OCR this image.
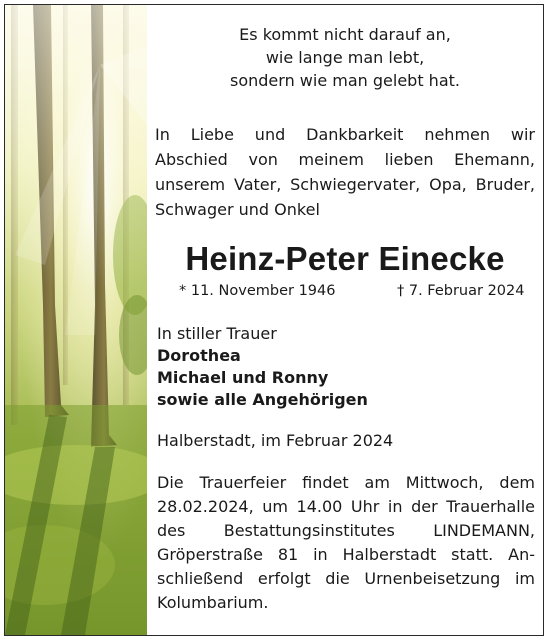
Es kommt nicht darauf an,
wie lange man lebt,
sondern wie man gelebt hat.
In Liebe und Dankbarkeit nehmen wir
Abschied von meinem lieben Ehemann,
unserem Vater, Schwiegervater, Opa, Bruder,
Schwager und Onkel
Heinz-Peter Einecke
* 11. November 1946	† 7. Februar 2024
In stiller Trauer
Dorothea
Michael und Ronny
sowie alle Angehörigen
Halberstadt, im Februar 2024
Die Trauerfeier findet am Mittwoch, dem
28.02.2024, um 14.00 Uhr in der Trauerhalle
des Bestattungsinstitutes LINDEMANN,
Gröperstraße 81 in Halberstadt statt. An-
schließend erfolgt die Urnenbeisetzung im
Kolumbarium.
